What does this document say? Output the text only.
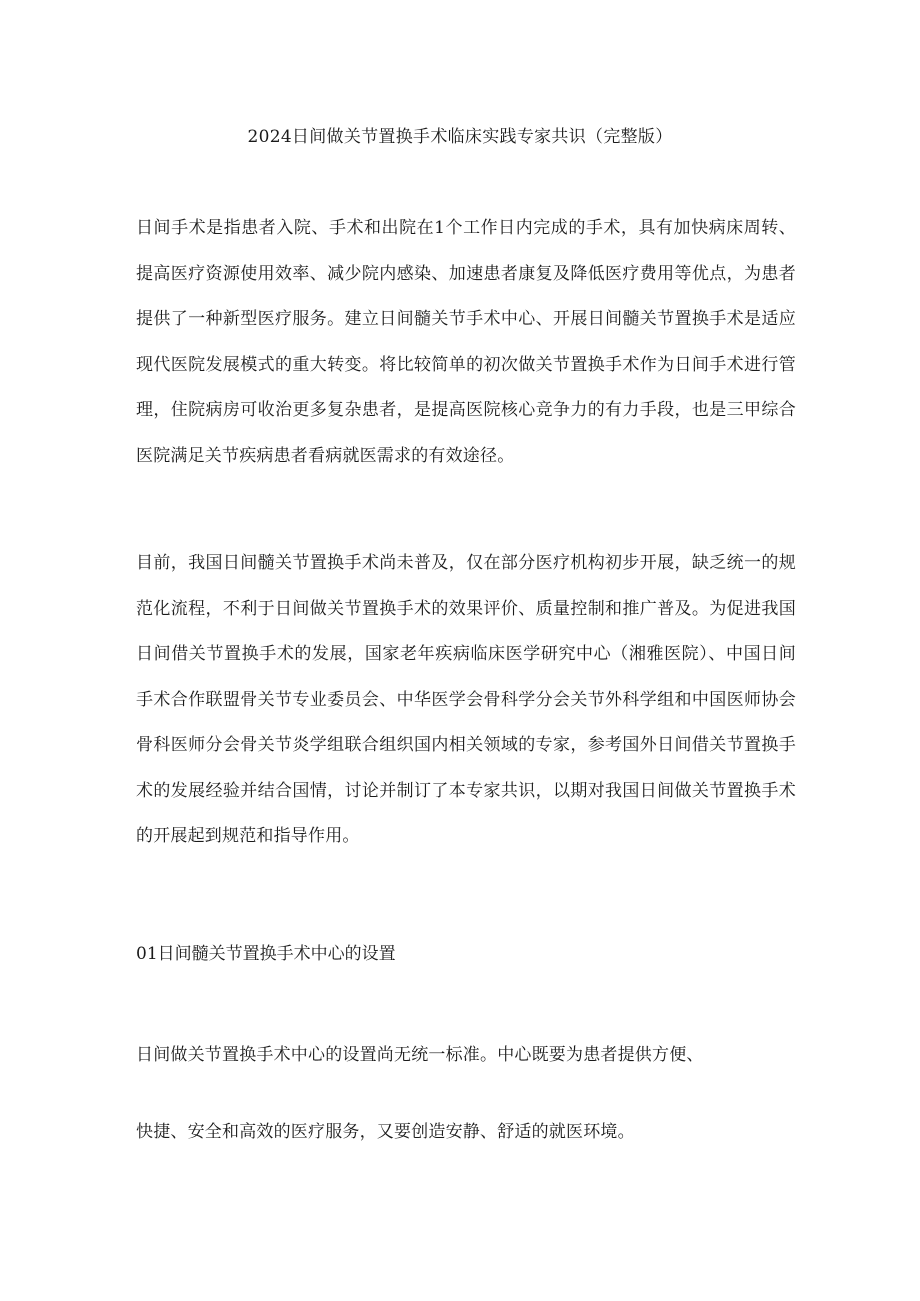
2024日间做关节置换手术临床实践专家共识（完整版）
日间手术是指患者入院、手术和出院在1个工作日内完成的手术，具有加快病床周转、提高医疗资源使用效率、减少院内感染、加速患者康复及降低医疗费用等优点，为患者提供了一种新型医疗服务。建立日间髓关节手术中心、开展日间髓关节置换手术是适应现代医院发展模式的重大转变。将比较简单的初次做关节置换手术作为日间手术进行管理，住院病房可收治更多复杂患者，是提高医院核心竞争力的有力手段，也是三甲综合医院满足关节疾病患者看病就医需求的有效途径。
目前，我国日间髓关节置换手术尚未普及，仅在部分医疗机构初步开展，缺乏统一的规范化流程，不利于日间做关节置换手术的效果评价、质量控制和推广普及。为促进我国日间借关节置换手术的发展，国家老年疾病临床医学研究中心（湘雅医院）、中国日间手术合作联盟骨关节专业委员会、中华医学会骨科学分会关节外科学组和中国医师协会骨科医师分会骨关节炎学组联合组织国内相关领域的专家，参考国外日间借关节置换手术的发展经验并结合国情，讨论并制订了本专家共识，以期对我国日间做关节置换手术的开展起到规范和指导作用。
01日间髓关节置换手术中心的设置
日间做关节置换手术中心的设置尚无统一标准。中心既要为患者提供方便、
快捷、安全和高效的医疗服务，又要创造安静、舒适的就医环境。
